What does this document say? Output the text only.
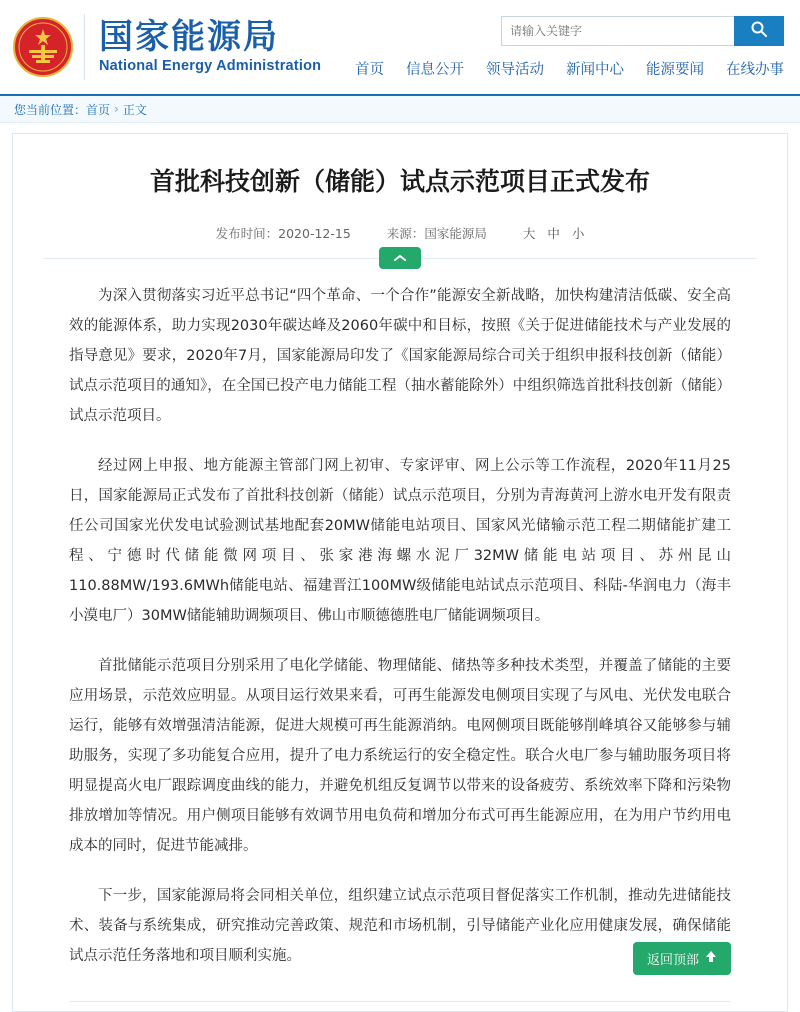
国家能源局
National Energy Administration
请输入关键字 首页 信息公开 领导活动 新闻中心 能源要闻 在线办事
您当前位置： 首页 › 正文
首批科技创新（储能）试点示范项目正式发布
发布时间：2020-12-15	来源：国家能源局	大 中 小

为深入贯彻落实习近平总书记“四个革命、一个合作”能源安全新战略，加快构建清洁低碳、安全高效的能源体系，助力实现2030年碳达峰及2060年碳中和目标，按照《关于促进储能技术与产业发展的指导意见》要求，2020年7月，国家能源局印发了《国家能源局综合司关于组织申报科技创新（储能）试点示范项目的通知》，在全国已投产电力储能工程（抽水蓄能除外）中组织筛选首批科技创新（储能）试点示范项目。

经过网上申报、地方能源主管部门网上初审、专家评审、网上公示等工作流程，2020年11月25日，国家能源局正式发布了首批科技创新（储能）试点示范项目，分别为青海黄河上游水电开发有限责任公司国家光伏发电试验测试基地配套20MW储能电站项目、国家风光储输示范工程二期储能扩建工程、宁德时代储能微网项目、张家港海螺水泥厂32MW储能电站项目、苏州昆山110.88MW/193.6MWh储能电站、福建晋江100MW级储能电站试点示范项目、科陆-华润电力（海丰小漠电厂）30MW储能辅助调频项目、佛山市顺德德胜电厂储能调频项目。

首批储能示范项目分别采用了电化学储能、物理储能、储热等多种技术类型，并覆盖了储能的主要应用场景，示范效应明显。从项目运行效果来看，可再生能源发电侧项目实现了与风电、光伏发电联合运行，能够有效增强清洁能源，促进大规模可再生能源消纳。电网侧项目既能够削峰填谷又能够参与辅助服务，实现了多功能复合应用，提升了电力系统运行的安全稳定性。联合火电厂参与辅助服务项目将明显提高火电厂跟踪调度曲线的能力，并避免机组反复调节以带来的设备疲劳、系统效率下降和污染物排放增加等情况。用户侧项目能够有效调节用电负荷和增加分布式可再生能源应用，在为用户节约用电成本的同时，促进节能减排。

下一步，国家能源局将会同相关单位，组织建立试点示范项目督促落实工作机制，推动先进储能技术、装备与系统集成，研究推动完善政策、规范和市场机制，引导储能产业化应用健康发展，确保储能试点示范任务落地和项目顺利实施。	返回顶部
